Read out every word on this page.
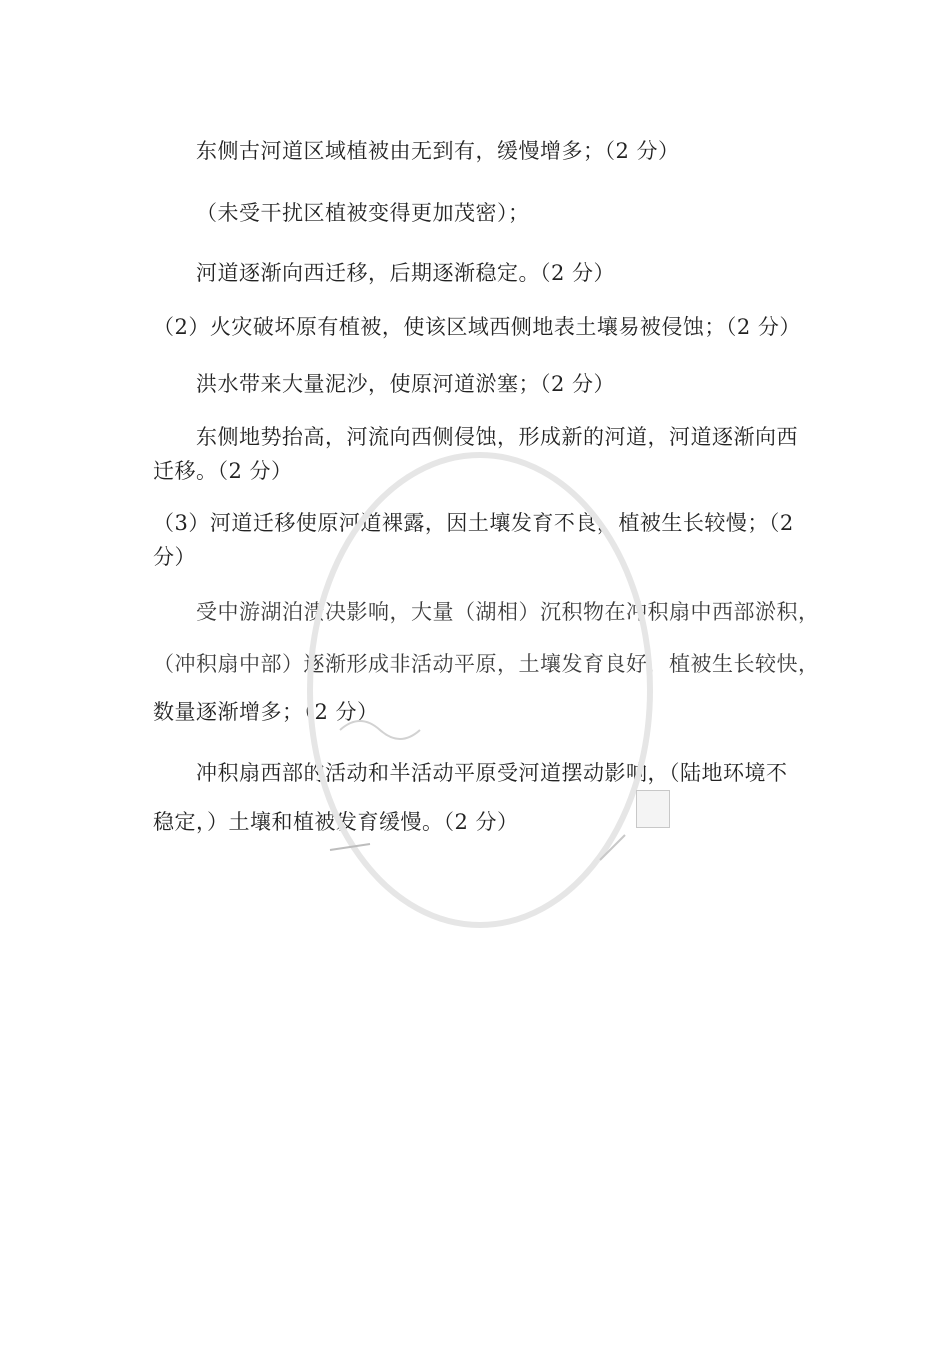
东侧古河道区域植被由无到有，缓慢增多；（2 分）
（未受干扰区植被变得更加茂密）；
河道逐渐向西迁移，后期逐渐稳定。（2 分）
（2）火灾破坏原有植被，使该区域西侧地表土壤易被侵蚀；（2 分）
洪水带来大量泥沙，使原河道淤塞；（2 分）
东侧地势抬高，河流向西侧侵蚀，形成新的河道，河道逐渐向西迁移。（2 分）
（3）河道迁移使原河道裸露，因土壤发育不良，植被生长较慢；（2 分）
受中游湖泊溃决影响，大量（湖相）沉积物在冲积扇中西部淤积，
（冲积扇中部）逐渐形成非活动平原，土壤发育良好，植被生长较快，
数量逐渐增多；（2 分）
冲积扇西部的活动和半活动平原受河道摆动影响，（陆地环境不
稳定，）土壤和植被发育缓慢。（2 分）
